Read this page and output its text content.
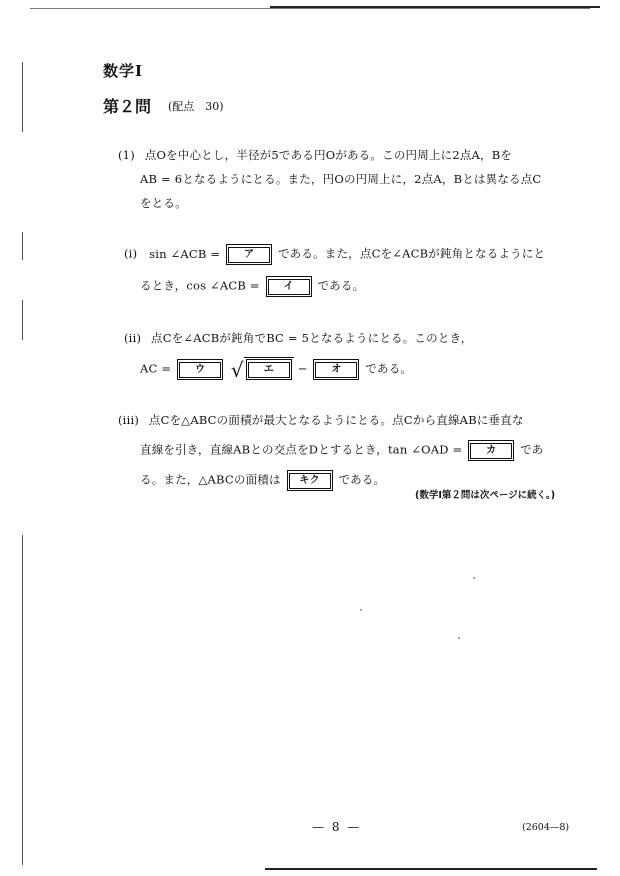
数学Ⅰ
第２問 (配点　30)
(1) 点Oを中心とし，半径が5である円Oがある。この円周上に2点A，Bを
AB = 6となるようにとる。また，円Oの円周上に，2点A，Bとは異なる点C
をとる。
(i) sin ∠ACB = ア である。また，点Cを∠ACBが鈍角となるようにと
るとき，cos ∠ACB = イ である。
(ii) 点Cを∠ACBが鈍角でBC = 5となるようにとる。このとき，
AC = ウ √ エ − オ である。
(iii) 点Cを△ABCの面積が最大となるようにとる。点Cから直線ABに垂直な
直線を引き，直線ABとの交点をDとするとき，tan ∠OAD = カ であ
る。また，△ABCの面積は キク である。
(数学Ⅰ第２問は次ページに続く。)
— 8 —	(2604—8)
